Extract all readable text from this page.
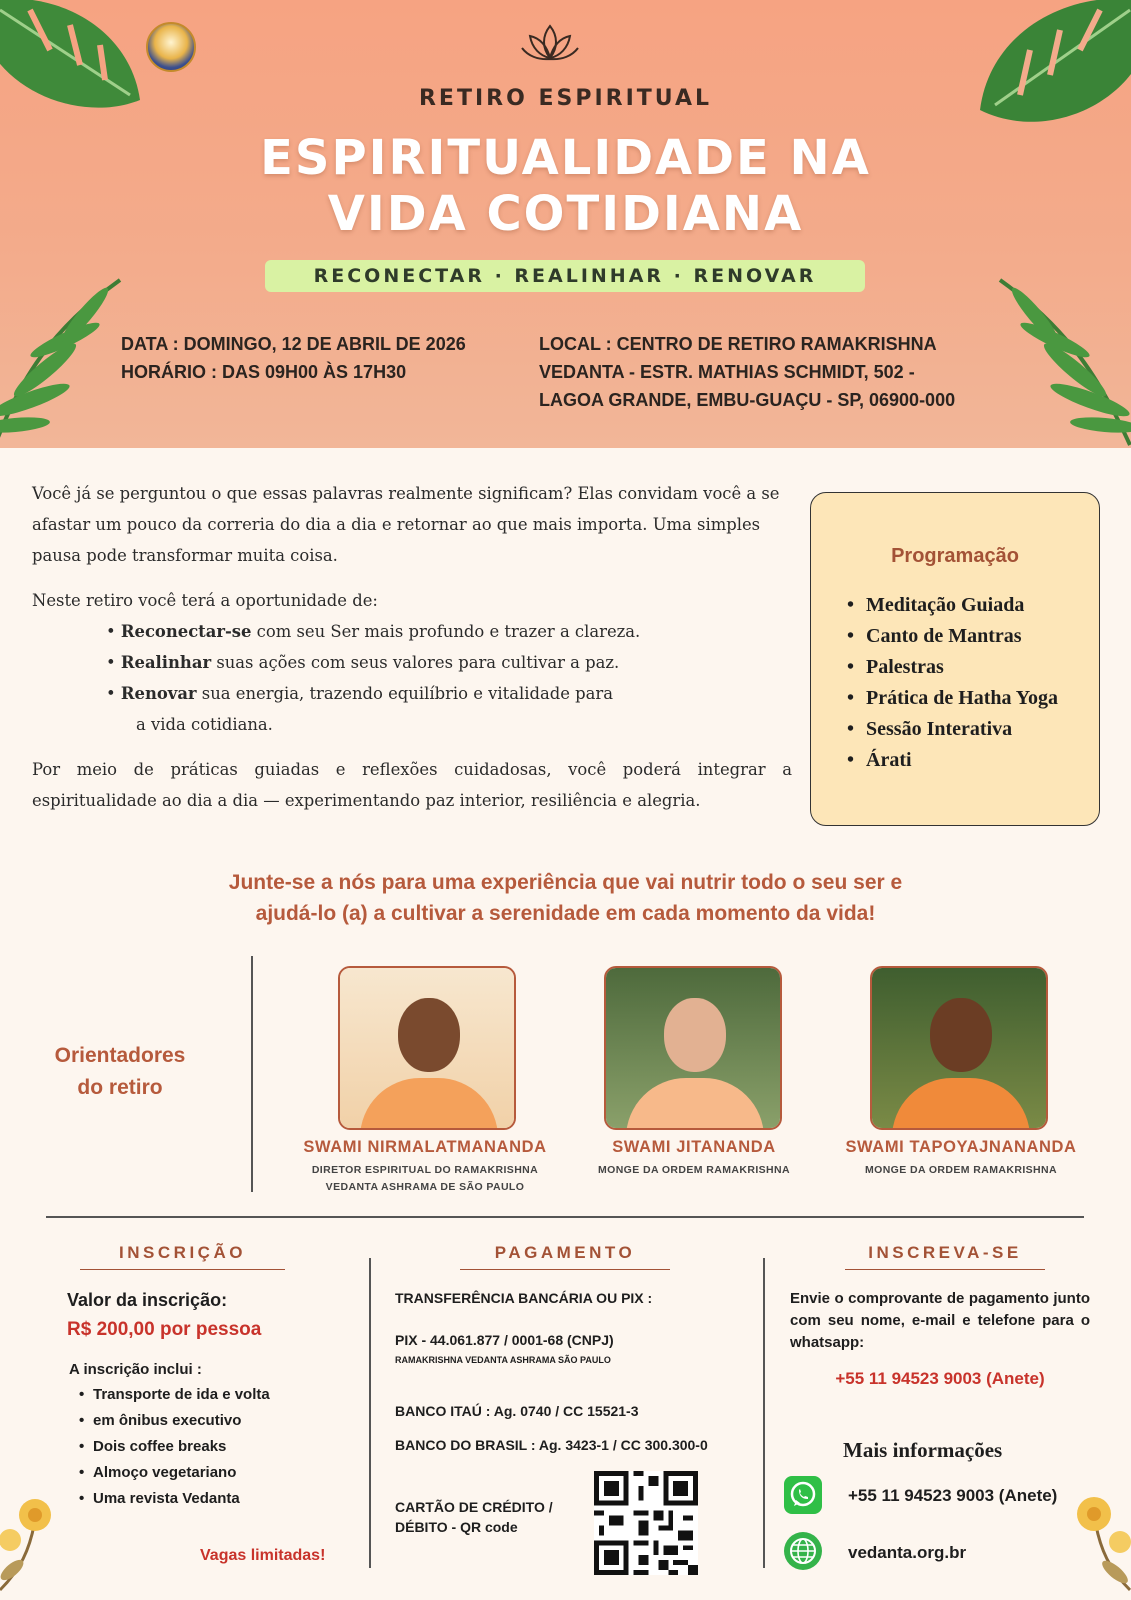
RETIRO ESPIRITUAL
ESPIRITUALIDADE NA
VIDA COTIDIANA
RECONECTAR · REALINHAR · RENOVAR
DATA : DOMINGO, 12 DE ABRIL DE 2026
HORÁRIO : DAS 09H00 ÀS 17H30
LOCAL : CENTRO DE RETIRO RAMAKRISHNA
VEDANTA - ESTR. MATHIAS SCHMIDT, 502 -
LAGOA GRANDE, EMBU-GUAÇU - SP, 06900-000

Você já se perguntou o que essas palavras realmente significam? Elas convidam você a se afastar um pouco da correria do dia a dia e retornar ao que mais importa. Uma simples pausa pode transformar muita coisa.

Neste retiro você terá a oportunidade de:

• Reconectar-se com seu Ser mais profundo e trazer a clareza.
• Realinhar suas ações com seus valores para cultivar a paz.
• Renovar sua energia, trazendo equilíbrio e vitalidade para
a vida cotidiana.

Por meio de práticas guiadas e reflexões cuidadosas, você poderá integrar a espiritualidade ao dia a dia — experimentando paz interior, resiliência e alegria.

Programação
• Meditação Guiada
• Canto de Mantras
• Palestras
• Prática de Hatha Yoga
• Sessão Interativa
• Árati
Junte-se a nós para uma experiência que vai nutrir todo o seu ser e
ajudá-lo (a) a cultivar a serenidade em cada momento da vida!
Orientadores
do retiro
SWAMI NIRMALATMANANDA
DIRETOR ESPIRITUAL DO RAMAKRISHNA
VEDANTA ASHRAMA DE SÃO PAULO
SWAMI JITANANDA
MONGE DA ORDEM RAMAKRISHNA
SWAMI TAPOYAJNANANDA
MONGE DA ORDEM RAMAKRISHNA
INSCRIÇÃO
Valor da inscrição:
R$ 200,00 por pessoa
A inscrição inclui :
• Transporte de ida e volta
• em ônibus executivo
• Dois coffee breaks
• Almoço vegetariano
• Uma revista Vedanta
Vagas limitadas!
PAGAMENTO
TRANSFERÊNCIA BANCÁRIA OU PIX :
PIX - 44.061.877 / 0001-68 (CNPJ)
RAMAKRISHNA VEDANTA ASHRAMA SÃO PAULO
BANCO ITAÚ : Ag. 0740 / CC 15521-3
BANCO DO BRASIL : Ag. 3423-1 / CC 300.300-0
CARTÃO DE CRÉDITO /
DÉBITO - QR code
INSCREVA-SE
Envie o comprovante de pagamento junto com seu nome, e-mail e telefone para o whatsapp:
+55 11 94523 9003 (Anete)
Mais informações
+55 11 94523 9003 (Anete)
vedanta.org.br
